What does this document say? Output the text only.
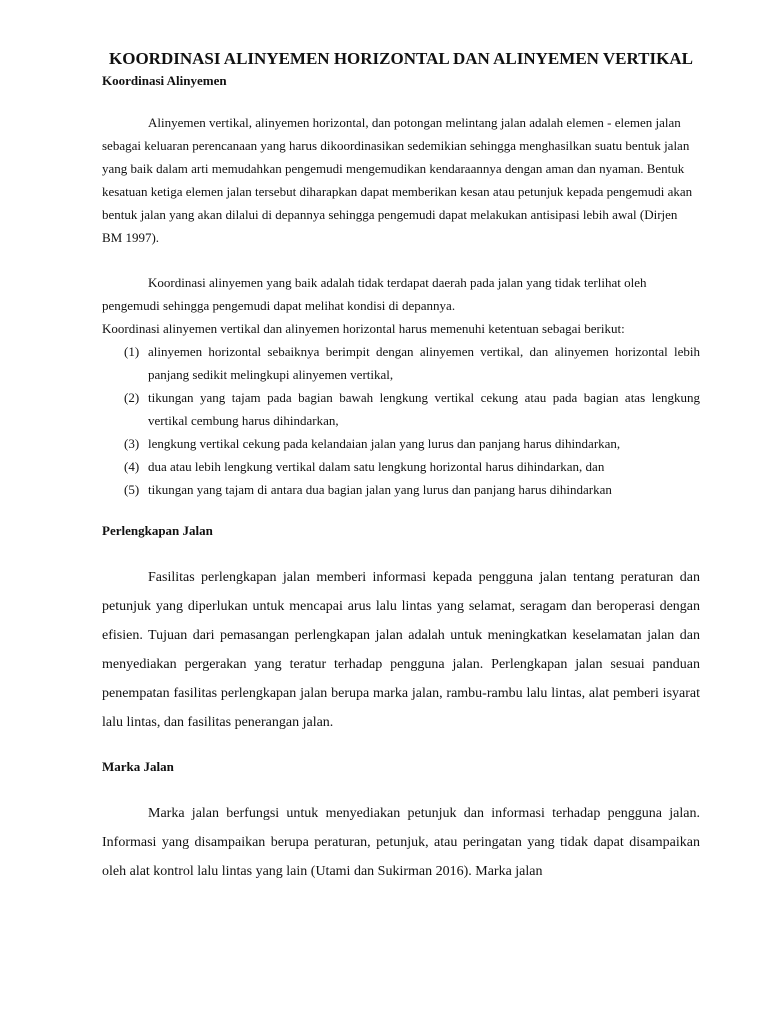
KOORDINASI ALINYEMEN HORIZONTAL DAN ALINYEMEN VERTIKAL
Koordinasi Alinyemen

Alinyemen vertikal, alinyemen horizontal, dan potongan melintang jalan adalah elemen - elemen jalan sebagai keluaran perencanaan yang harus dikoordinasikan sedemikian sehingga menghasilkan suatu bentuk jalan yang baik dalam arti memudahkan pengemudi mengemudikan kendaraannya dengan aman dan nyaman. Bentuk kesatuan ketiga elemen jalan tersebut diharapkan dapat memberikan kesan atau petunjuk kepada pengemudi akan bentuk jalan yang akan dilalui di depannya sehingga pengemudi dapat melakukan antisipasi lebih awal (Dirjen BM 1997).

Koordinasi alinyemen yang baik adalah tidak terdapat daerah pada jalan yang tidak terlihat oleh pengemudi sehingga pengemudi dapat melihat kondisi di depannya.

Koordinasi alinyemen vertikal dan alinyemen horizontal harus memenuhi ketentuan sebagai berikut:

(1) alinyemen horizontal sebaiknya berimpit dengan alinyemen vertikal, dan alinyemen horizontal lebih panjang sedikit melingkupi alinyemen vertikal,
(2) tikungan yang tajam pada bagian bawah lengkung vertikal cekung atau pada bagian atas lengkung vertikal cembung harus dihindarkan,
(3) lengkung vertikal cekung pada kelandaian jalan yang lurus dan panjang harus dihindarkan,
(4) dua atau lebih lengkung vertikal dalam satu lengkung horizontal harus dihindarkan, dan
(5) tikungan yang tajam di antara dua bagian jalan yang lurus dan panjang harus dihindarkan
Perlengkapan Jalan

Fasilitas perlengkapan jalan memberi informasi kepada pengguna jalan tentang peraturan dan petunjuk yang diperlukan untuk mencapai arus lalu lintas yang selamat, seragam dan beroperasi dengan efisien. Tujuan dari pemasangan perlengkapan jalan adalah untuk meningkatkan keselamatan jalan dan menyediakan pergerakan yang teratur terhadap pengguna jalan. Perlengkapan jalan sesuai panduan penempatan fasilitas perlengkapan jalan berupa marka jalan, rambu-rambu lalu lintas, alat pemberi isyarat lalu lintas, dan fasilitas penerangan jalan.

Marka Jalan

Marka jalan berfungsi untuk menyediakan petunjuk dan informasi terhadap pengguna jalan. Informasi yang disampaikan berupa peraturan, petunjuk, atau peringatan yang tidak dapat disampaikan oleh alat kontrol lalu lintas yang lain (Utami dan Sukirman 2016). Marka jalan
